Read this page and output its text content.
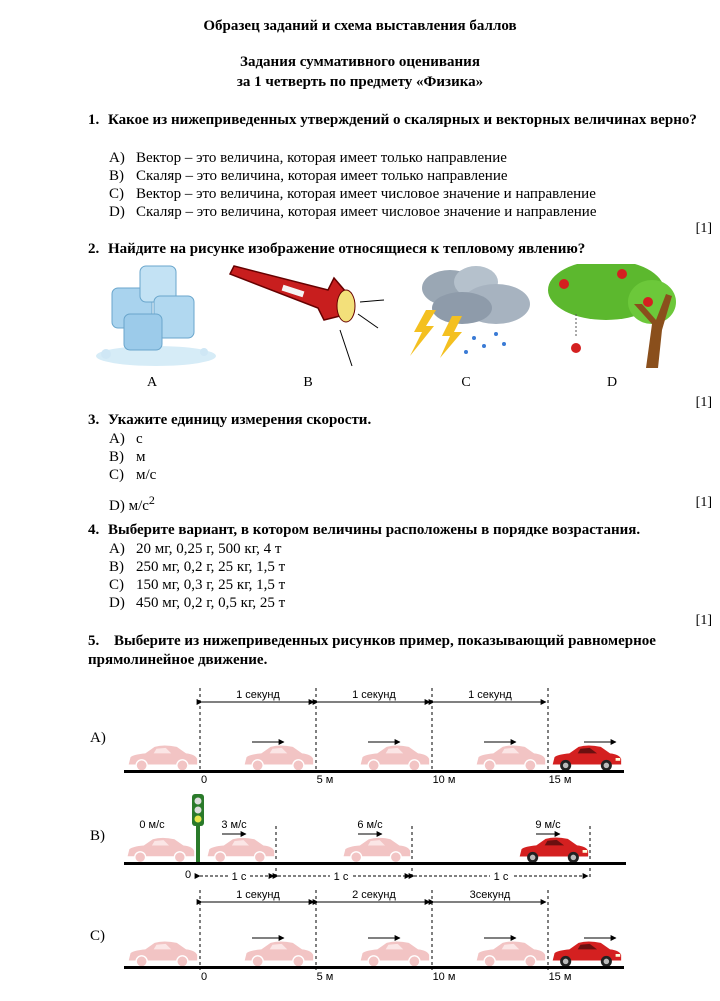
Образец заданий и схема выставления баллов
Задания суммативного оценивания
за 1 четверть по предмету «Физика»
1. Какое из нижеприведенных утверждений о скалярных и векторных величинах верно?
A) Вектор – это величина, которая имеет только направление
B) Скаляр – это величина, которая имеет только направление
C) Вектор – это величина, которая имеет числовое значение и направление
D) Скаляр – это величина, которая имеет числовое значение и направление
[1]
2. Найдите на рисунке изображение относящиеся к тепловому явлению?
A	B	C	D
[1]
3. Укажите единицу измерения скорости.
A) с
B) м
C) м/с
D) $м/с^2$	[1]
4. Выберите вариант, в котором величины расположены в порядке возрастания.
A) 20 мг, 0,25 г, 500 кг, 4 т
B) 250 мг, 0,2 г, 25 кг, 1,5 т
C) 150 мг, 0,3 г, 25 кг, 1,5 т
D) 450 мг, 0,2 г, 0,5 кг, 25 т
[1]
5. Выберите из нижеприведенных рисунков пример, показывающий равномерное прямолинейное движение.
A)
B)
C)
1 секунд	1 секунд	1 секунд
0	5 м	10 м	15 м
0 м/с	3 м/с	6 м/с	9 м/с
0	1 с	1 с	1 с
1 секунд	2 секунд	3секунд
0	5 м	10 м	15 м
